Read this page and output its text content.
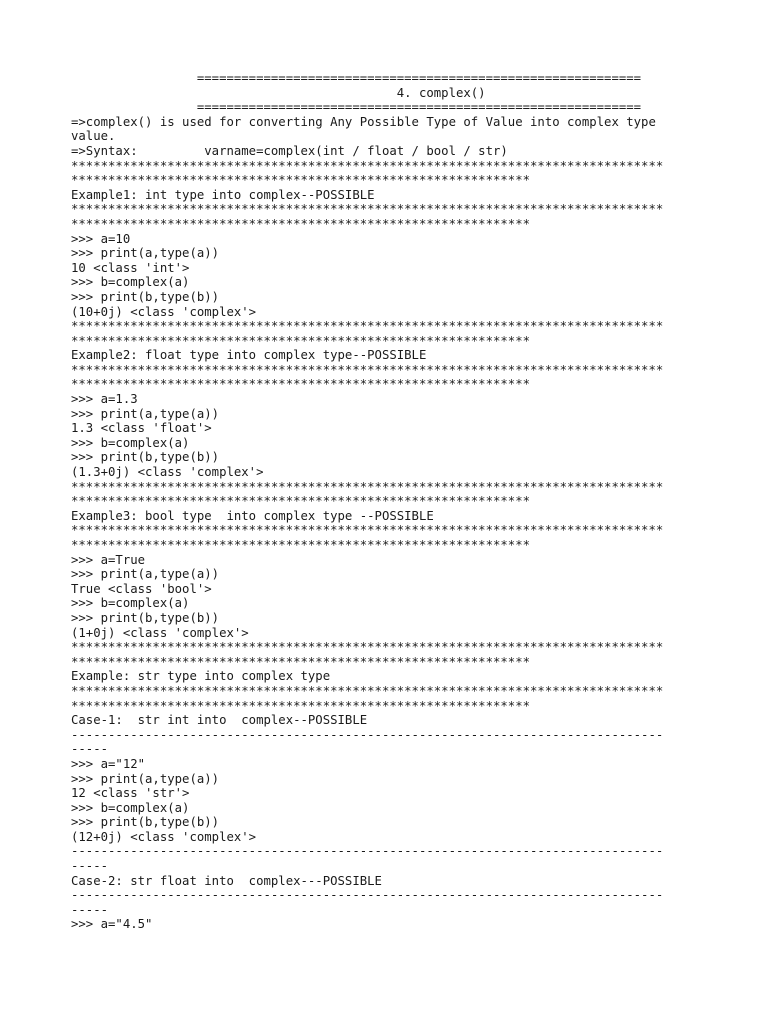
============================================================
4. complex()
============================================================
=>complex() is used for converting Any Possible Type of Value into complex type
value.
=>Syntax:         varname=complex(int / float / bool / str)
********************************************************************************
**************************************************************
Example1: int type into complex--POSSIBLE
********************************************************************************
**************************************************************
>>> a=10
>>> print(a,type(a))
10 <class 'int'>
>>> b=complex(a)
>>> print(b,type(b))
(10+0j) <class 'complex'>
********************************************************************************
**************************************************************
Example2: float type into complex type--POSSIBLE
********************************************************************************
**************************************************************
>>> a=1.3
>>> print(a,type(a))
1.3 <class 'float'>
>>> b=complex(a)
>>> print(b,type(b))
(1.3+0j) <class 'complex'>
********************************************************************************
**************************************************************
Example3: bool type  into complex type --POSSIBLE
********************************************************************************
**************************************************************
>>> a=True
>>> print(a,type(a))
True <class 'bool'>
>>> b=complex(a)
>>> print(b,type(b))
(1+0j) <class 'complex'>
********************************************************************************
**************************************************************
Example: str type into complex type
********************************************************************************
**************************************************************
Case-1:  str int into  complex--POSSIBLE
--------------------------------------------------------------------------------
-----
>>> a="12"
>>> print(a,type(a))
12 <class 'str'>
>>> b=complex(a)
>>> print(b,type(b))
(12+0j) <class 'complex'>
--------------------------------------------------------------------------------
-----
Case-2: str float into  complex---POSSIBLE
--------------------------------------------------------------------------------
-----
>>> a="4.5"
